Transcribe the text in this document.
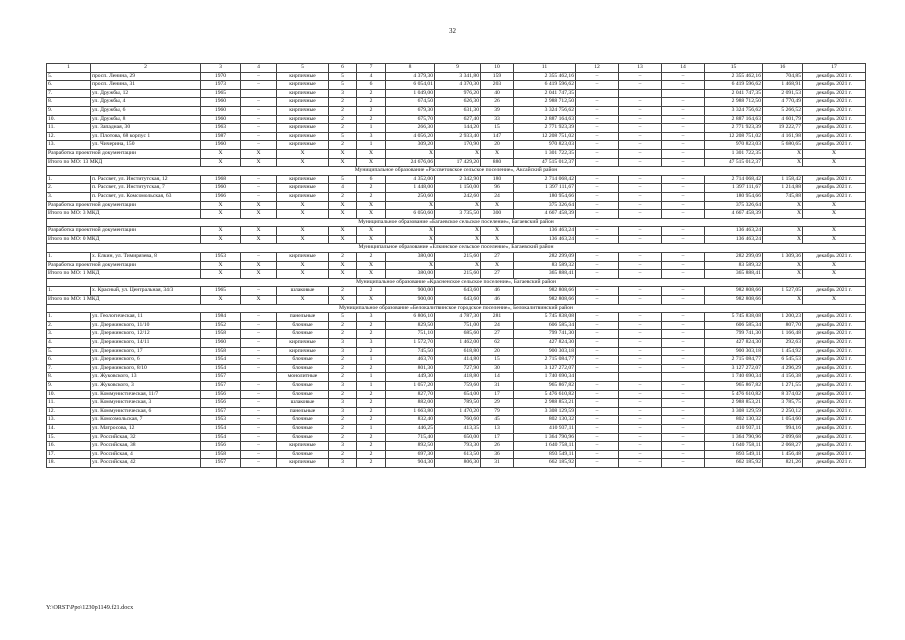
32
1	2	3	4	5	6	7	8	9	10	11	12	13	14	15	16	17
5.	просп. Ленина, 29	1970	–	кирпичные	5	4	4 379,30	3 341,80	159	2 355 462,16	–	–	–	2 355 462,16	704,85	декабрь 2021 г.
6.	просп. Ленина, 31	1973	–	кирпичные	5	6	6 054,01	4 370,30	203	6 419 596,62	–	–	–	6 419 596,62	1 468,91	декабрь 2021 г.
7.	ул. Дружбы, 12	1965		кирпичные	3	2	1 049,00	976,20	40	2 041 747,35				2 041 747,35	2 091,53	декабрь 2021 г.
8.	ул. Дружбы, 4	1960	–	кирпичные	2	2	674,50	626,30	26	2 988 712,50	–	–	–	2 988 712,50	4 770,49	декабрь 2021 г.
9.	ул. Дружбы, 6	1960	–	кирпичные	2	2	679,30	631,30	39	3 324 756,62	–	–	–	3 324 756,62	5 266,52	декабрь 2021 г.
10.	ул. Дружбы, 8	1960	–	кирпичные	2	2	675,70	627,40	33	2 887 164,63	–	–	–	2 887 164,63	4 601,79	декабрь 2021 г.
11.	ул. Западная, 30	1963	–	кирпичные	2	1	266,30	144,20	15	2 771 923,39	–	–	–	2 771 923,39	19 222,77	декабрь 2021 г.
12.	ул. Плотова, 68 корпус 1	1987	–	кирпичные	5	3	4 056,20	2 933,40	147	12 208 751,02	–	–	–	12 208 751,02	4 161,98	декабрь 2021 г.
13.	ул. Чичерина, 150	1960	–	кирпичные	2	1	309,20	170,90	20	970 823,03	–	–	–	970 823,03	5 680,65	декабрь 2021 г.
Разработка проектной документации		X	X	X	X	X	X	X	X	1 301 722,35	–	–	–	1 301 722,35	X	X
Итого по МО: 13 МКД		X	X	X	X	X	24 676,06	17 429,20	880	47 515 012,37	–	–	–	47 515 012,37	X	X
Муниципальное образование «Рассветовское сельское поселение», Аксайский район																
1.	п. Рассвет, ул. Институтская, 12	1968	–	кирпичные	5	6	4 352,00	2 342,90	180	2 714 068,42	–	–	–	2 714 068,42	1 158,42	декабрь 2021 г.
2.	п. Рассвет, ул. Институтская, 7	1960	–	кирпичные	4	2	1 448,00	1 150,00	96	1 397 111,67	–	–	–	1 397 111,67	1 214,88	декабрь 2021 г.
3.	п. Рассвет, ул. Комсомольская, 63	1966	–	кирпичные	2	2	250,60	242,60	24	180 954,66	–	–	–	180 954,66	745,88	декабрь 2021 г.
Разработка проектной документации		X	X	X	X	X	X	X	X	375 326,64	–	–	–	375 326,64	X	X
Итого по МО: 3 МКД		X	X	X	X	X	6 050,60	3 735,50	300	4 667 458,39	–	–	–	4 667 458,39	X	X
Муниципальное образование «Багаевское сельское поселение», Багаевский район																
Разработка проектной документации		X	X	X	X	X	X	X	X	136 463,24	–	–	–	136 463,24	X	X
Итого по МО: 0 МКД		X	X	X	X	X	X	X	X	136 463,24	–	–	–	136 463,24	X	X
Муниципальное образование «Елкинское сельское поселение», Багаевский район																
1.	х. Елкин, ул. Тимирязева, 8	1953	–	кирпичные	2	2	380,00	215,60	27	282 299,09	–	–	–	282 299,09	1 309,36	декабрь 2021 г.
Разработка проектной документации		X	X	X	X	X	X	X	X	83 589,32	–	–	–	83 589,32	X	X
Итого по МО: 1 МКД		X	X	X	X	X	380,00	215,60	27	365 888,41	–	–	–	365 888,41	X	X
Муниципальное образование «Красненское сельское поселение», Багаевский район																
1.	х. Красный, ул. Центральная, 34/3	1965	–	шлаковые	2	2	900,00	643,60	46	982 808,66	–	–	–	982 808,66	1 527,05	декабрь 2021 г.
Итого по МО: 1 МКД		X	X	X	X	X	900,00	643,60	46	982 808,66	–	–	–	982 808,66	X	X
Муниципальное образование «Белокалитвинское городское поселение», Белокалитвинский район																
1.	ул. Геологическая, 11	1984	–	панельные	5	3	6 806,10	4 787,30	281	5 745 838,08	–	–	–	5 745 838,08	1 200,23	декабрь 2021 г.
2.	ул. Дзержинского, 11/10	1952	–	блочные	2	2	829,50	751,00	24	606 585,34	–	–	–	606 585,34	807,70	декабрь 2021 г.
3.	ул. Дзержинского, 12/12	1958	–	блочные	2	2	751,10	685,60	27	799 741,30	–	–	–	799 741,30	1 166,48	декабрь 2021 г.
4.	ул. Дзержинского, 14/11	1960	–	кирпичные	3	3	1 572,70	1 462,00	62	427 824,30	–	–	–	427 824,30	292,63	декабрь 2021 г.
5.	ул. Дзержинского, 17	1958	–	кирпичные	3	2	745,50	618,80	20	900 303,18	–	–	–	900 303,18	1 454,92	декабрь 2021 г.
6.	ул. Дзержинского, 6	1954	–	блочные	2	1	463,70	414,80	15	2 715 084,77	–	–	–	2 715 084,77	6 545,53	декабрь 2021 г.
7.	ул. Дзержинского, 8/10	1954	–	блочные	2	2	801,30	727,90	30	3 127 272,07	–	–	–	3 127 272,07	4 296,29	декабрь 2021 г.
8.	ул. Жуковского, 13	1957		монолитные	2	1	449,30	418,80	14	1 740 690,34				1 740 690,34	4 156,38	декабрь 2021 г.
9.	ул. Жуковского, 3	1957	–	блочные	3	1	1 057,20	759,60	31	965 867,82	–	–	–	965 867,82	1 271,55	декабрь 2021 г.
10.	ул. Коммунистическая, 11/7	1956	–	блочные	2	2	827,70	654,00	17	5 476 610,82	–	–	–	5 476 610,82	8 374,02	декабрь 2021 г.
11.	ул. Коммунистическая, 3	1956	–	шлаковые	3	2	882,00	789,50	29	2 988 853,21	–	–	–	2 988 853,21	3 785,75	декабрь 2021 г.
12.	ул. Коммунистическая, 6	1957	–	панельные	3	2	1 663,80	1 470,20	79	3 308 129,59	–	–	–	3 308 129,59	2 250,12	декабрь 2021 г.
13.	ул. Комсомольская, 7	1953	–	блочные	2	2	832,40	760,60	45	802 130,32	–	–	–	802 130,32	1 054,60	декабрь 2021 г.
14.	ул. Матросова, 12	1954	–	блочные	2	1	446,25	413,35	13	410 937,11	–	–	–	410 937,11	994,16	декабрь 2021 г.
15.	ул. Российская, 32	1954	–	блочные	2	2	715,40	650,00	17	1 364 790,96	–	–	–	1 364 790,96	2 099,68	декабрь 2021 г.
16.	ул. Российская, 38	1956	–	кирпичные	3	2	892,50	793,30	26	1 640 758,11	–	–	–	1 640 758,11	2 068,27	декабрь 2021 г.
17.	ул. Российская, 4	1958	–	блочные	2	2	697,30	613,50	36	893 549,11	–	–	–	893 549,11	1 456,48	декабрь 2021 г.
18.	ул. Российская, 42	1957	–	кирпичные	3	2	904,30	806,30	31	662 185,92	–	–	–	662 185,92	821,26	декабрь 2021 г.
Y:\ORST\Ppo\1230p1149.f21.docx
